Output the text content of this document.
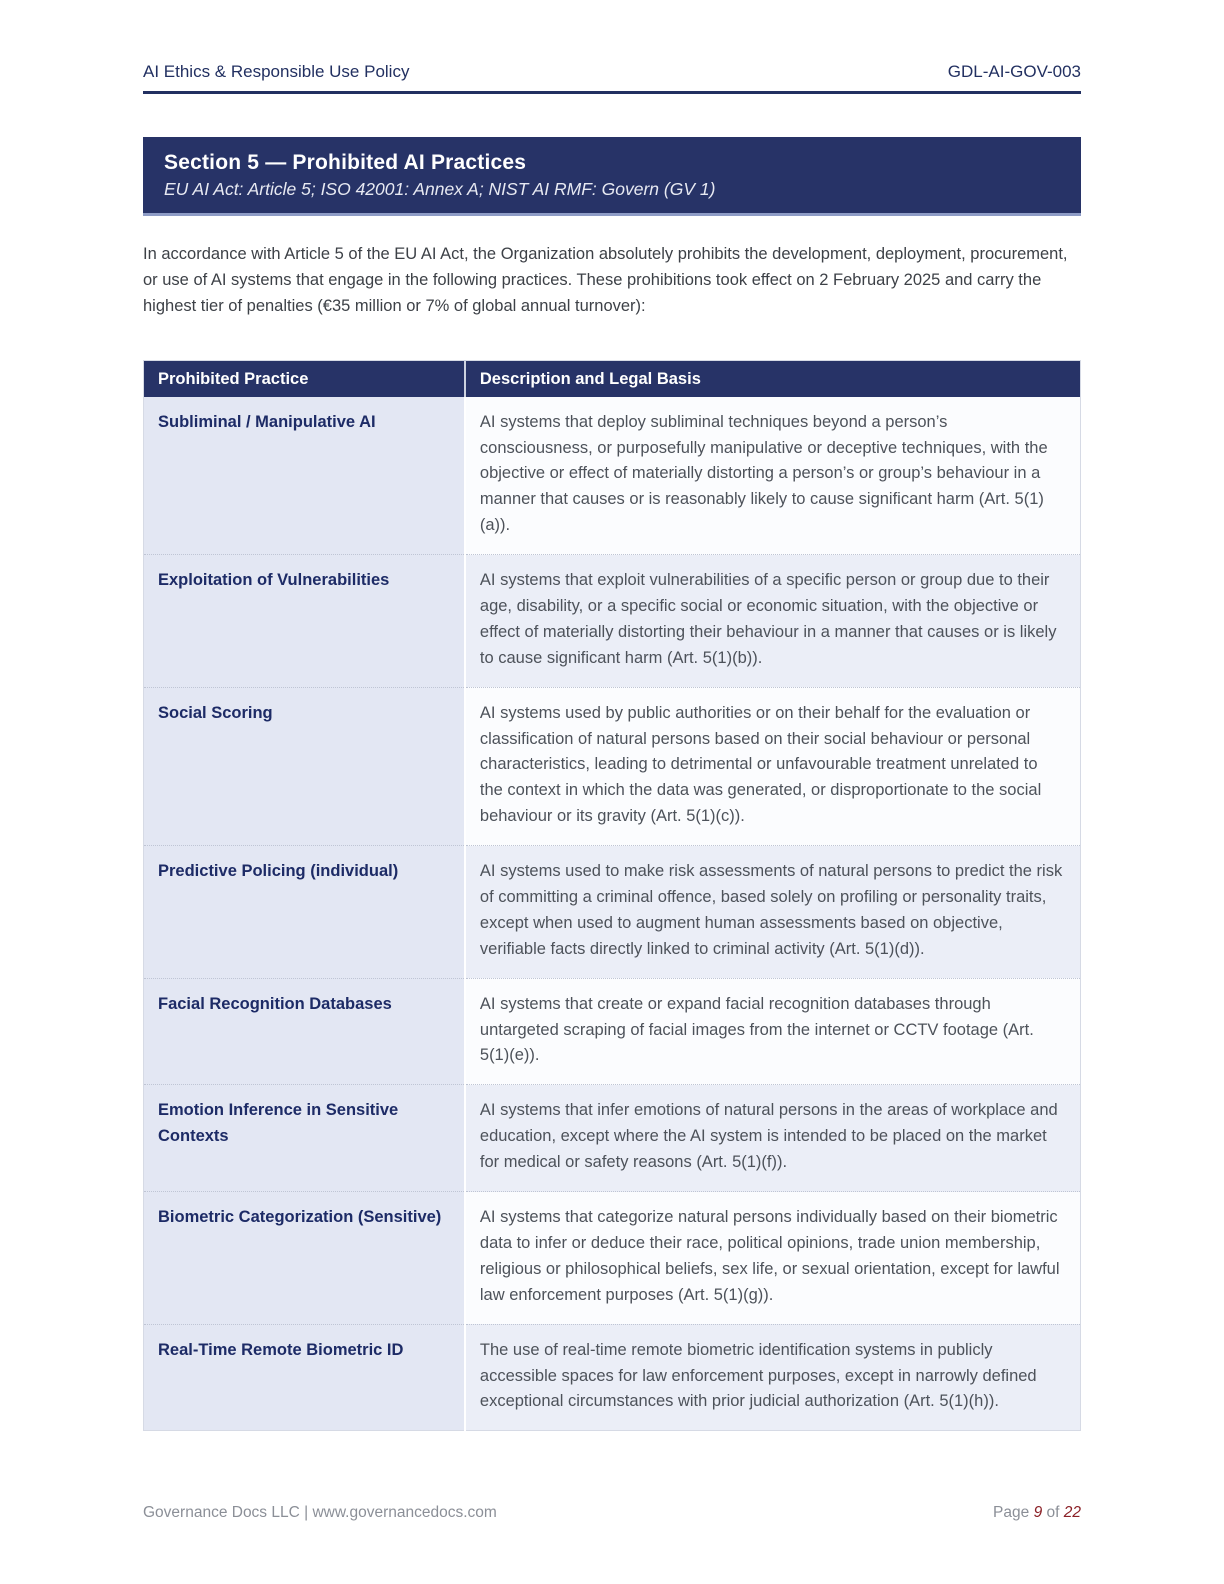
AI Ethics & Responsible Use Policy	GDL-AI-GOV-003
Section 5 — Prohibited AI Practices
EU AI Act: Article 5; ISO 42001: Annex A; NIST AI RMF: Govern (GV 1)

In accordance with Article 5 of the EU AI Act, the Organization absolutely prohibits the development, deployment, procurement, or use of AI systems that engage in the following practices. These prohibitions took effect on 2 February 2025 and carry the highest tier of penalties (€35 million or 7% of global annual turnover):

Prohibited Practice	Description and Legal Basis
Subliminal / Manipulative AI	AI systems that deploy subliminal techniques beyond a person’s consciousness, or purposefully manipulative or deceptive techniques, with the objective or effect of materially distorting a person’s or group’s behaviour in a manner that causes or is reasonably likely to cause significant harm (Art. 5(1)(a)).
Exploitation of Vulnerabilities	AI systems that exploit vulnerabilities of a specific person or group due to their age, disability, or a specific social or economic situation, with the objective or effect of materially distorting their behaviour in a manner that causes or is likely to cause significant harm (Art. 5(1)(b)).
Social Scoring	AI systems used by public authorities or on their behalf for the evaluation or classification of natural persons based on their social behaviour or personal characteristics, leading to detrimental or unfavourable treatment unrelated to the context in which the data was generated, or disproportionate to the social behaviour or its gravity (Art. 5(1)(c)).
Predictive Policing (individual)	AI systems used to make risk assessments of natural persons to predict the risk of committing a criminal offence, based solely on profiling or personality traits, except when used to augment human assessments based on objective, verifiable facts directly linked to criminal activity (Art. 5(1)(d)).
Facial Recognition Databases	AI systems that create or expand facial recognition databases through untargeted scraping of facial images from the internet or CCTV footage (Art. 5(1)(e)).
Emotion Inference in Sensitive Contexts	AI systems that infer emotions of natural persons in the areas of workplace and education, except where the AI system is intended to be placed on the market for medical or safety reasons (Art. 5(1)(f)).
Biometric Categorization (Sensitive)	AI systems that categorize natural persons individually based on their biometric data to infer or deduce their race, political opinions, trade union membership, religious or philosophical beliefs, sex life, or sexual orientation, except for lawful law enforcement purposes (Art. 5(1)(g)).
Real-Time Remote Biometric ID	The use of real-time remote biometric identification systems in publicly accessible spaces for law enforcement purposes, except in narrowly defined exceptional circumstances with prior judicial authorization (Art. 5(1)(h)).
Governance Docs LLC | www.governancedocs.com	Page 9 of 22
